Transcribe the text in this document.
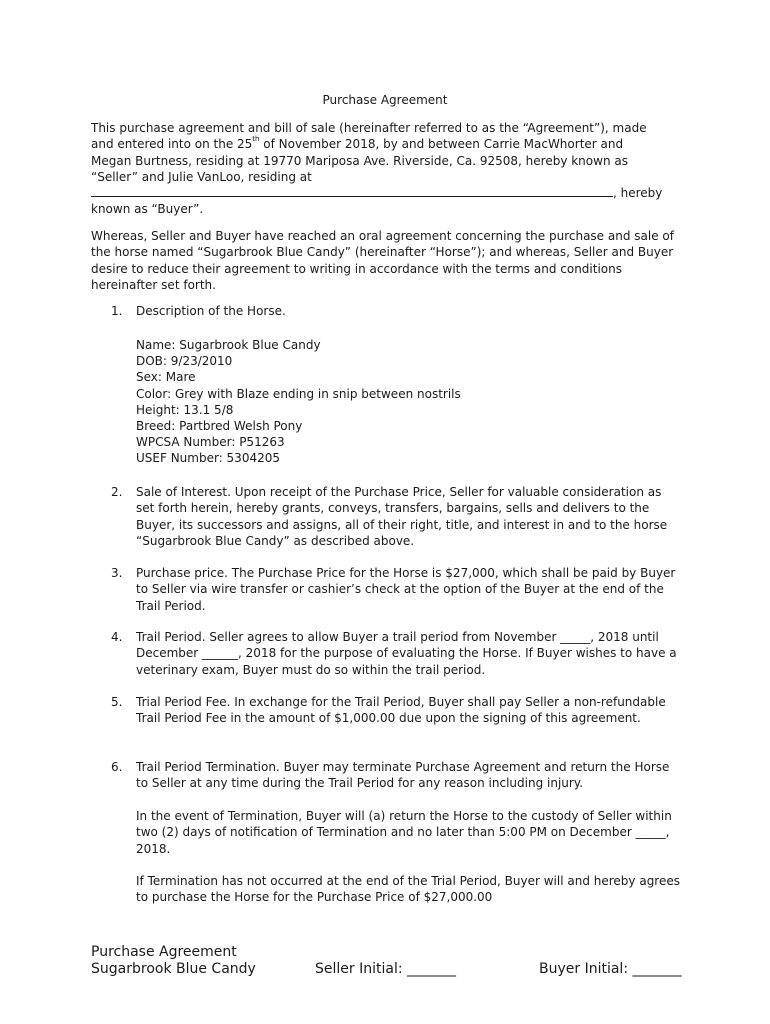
Purchase Agreement
This purchase agreement and bill of sale (hereinafter referred to as the “Agreement”), made
and entered into on the 25th of November 2018, by and between Carrie MacWhorter and
Megan Burtness, residing at 19770 Mariposa Ave. Riverside, Ca. 92508, hereby known as
“Seller” and Julie VanLoo, residing at
, hereby
known as “Buyer”.
Whereas, Seller and Buyer have reached an oral agreement concerning the purchase and sale of the horse named “Sugarbrook Blue Candy” (hereinafter “Horse”); and whereas, Seller and Buyer desire to reduce their agreement to writing in accordance with the terms and conditions hereinafter set forth.
1.	Description of the Horse.
Name: Sugarbrook Blue Candy
DOB: 9/23/2010
Sex: Mare
Color: Grey with Blaze ending in snip between nostrils
Height: 13.1 5/8
Breed: Partbred Welsh Pony
WPCSA Number: P51263
USEF Number: 5304205
2.	Sale of Interest. Upon receipt of the Purchase Price, Seller for valuable consideration as set forth herein, hereby grants, conveys, transfers, bargains, sells and delivers to the Buyer, its successors and assigns, all of their right, title, and interest in and to the horse “Sugarbrook Blue Candy” as described above.
3.	Purchase price. The Purchase Price for the Horse is $27,000, which shall be paid by Buyer to Seller via wire transfer or cashier’s check at the option of the Buyer at the end of the Trail Period.
4.	Trail Period. Seller agrees to allow Buyer a trail period from November _____, 2018 until December ______, 2018 for the purpose of evaluating the Horse. If Buyer wishes to have a veterinary exam, Buyer must do so within the trail period.
5.	Trial Period Fee. In exchange for the Trail Period, Buyer shall pay Seller a non-refundable Trail Period Fee in the amount of $1,000.00 due upon the signing of this agreement.
6.	Trail Period Termination. Buyer may terminate Purchase Agreement and return the Horse to Seller at any time during the Trail Period for any reason including injury.
In the event of Termination, Buyer will (a) return the Horse to the custody of Seller within two (2) days of notification of Termination and no later than 5:00 PM on December _____, 2018.
If Termination has not occurred at the end of the Trial Period, Buyer will and hereby agrees to purchase the Horse for the Purchase Price of $27,000.00
Purchase Agreement
Sugarbrook Blue Candy	Seller Initial: _______	Buyer Initial: _______
